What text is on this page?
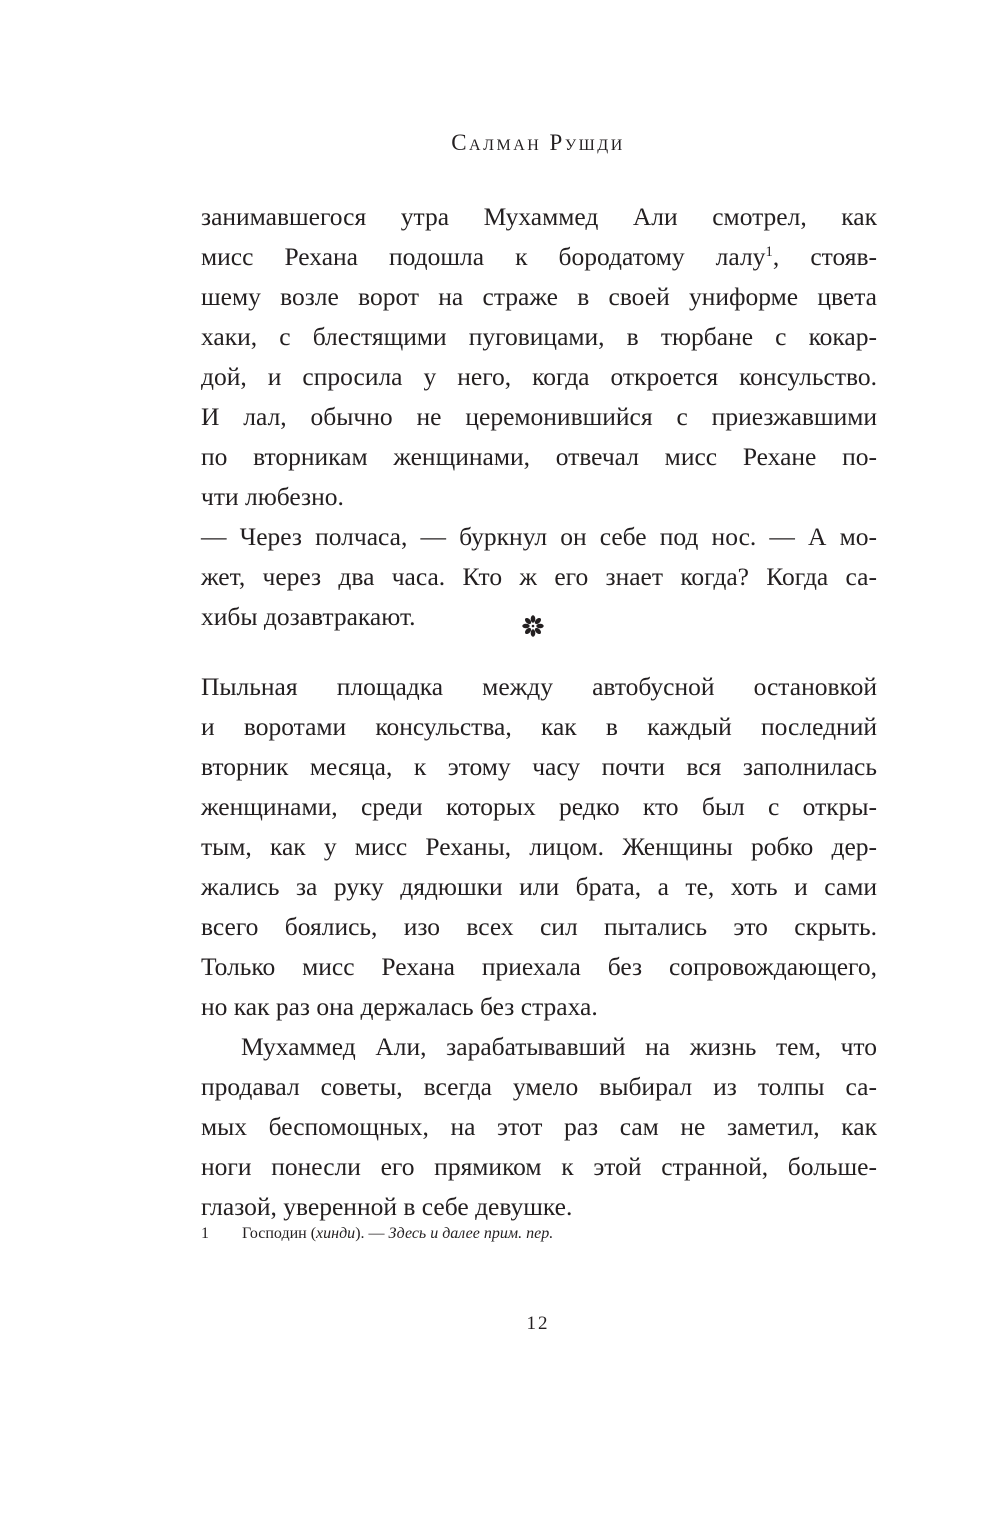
Салман Рушди
занимавшегося утра Мухаммед Али смотрел, как
мисс Рехана подошла к бородатому лалу$^1$, стояв-
шему возле ворот на страже в своей униформе цвета
хаки, с блестящими пуговицами, в тюрбане с кокар-
дой, и спросила у него, когда откроется консульство.
И лал, обычно не церемонившийся с приезжавшими
по вторникам женщинами, отвечал мисс Рехане по-
чти любезно.
— Через полчаса, — буркнул он себе под нос. — А мо-
жет, через два часа. Кто ж его знает когда? Когда са-
хибы дозавтракают.
Пыльная площадка между автобусной остановкой
и воротами консульства, как в каждый последний
вторник месяца, к этому часу почти вся заполнилась
женщинами, среди которых редко кто был с откры-
тым, как у мисс Реханы, лицом. Женщины робко дер-
жались за руку дядюшки или брата, а те, хоть и сами
всего боялись, изо всех сил пытались это скрыть.
Только мисс Рехана приехала без сопровождающего,
но как раз она держалась без страха.
Мухаммед Али, зарабатывавший на жизнь тем, что
продавал советы, всегда умело выбирал из толпы са-
мых беспомощных, на этот раз сам не заметил, как
ноги понесли его прямиком к этой странной, больше-
глазой, уверенной в себе девушке.
1 Господин (хинди). — Здесь и далее прим. пер.
12
